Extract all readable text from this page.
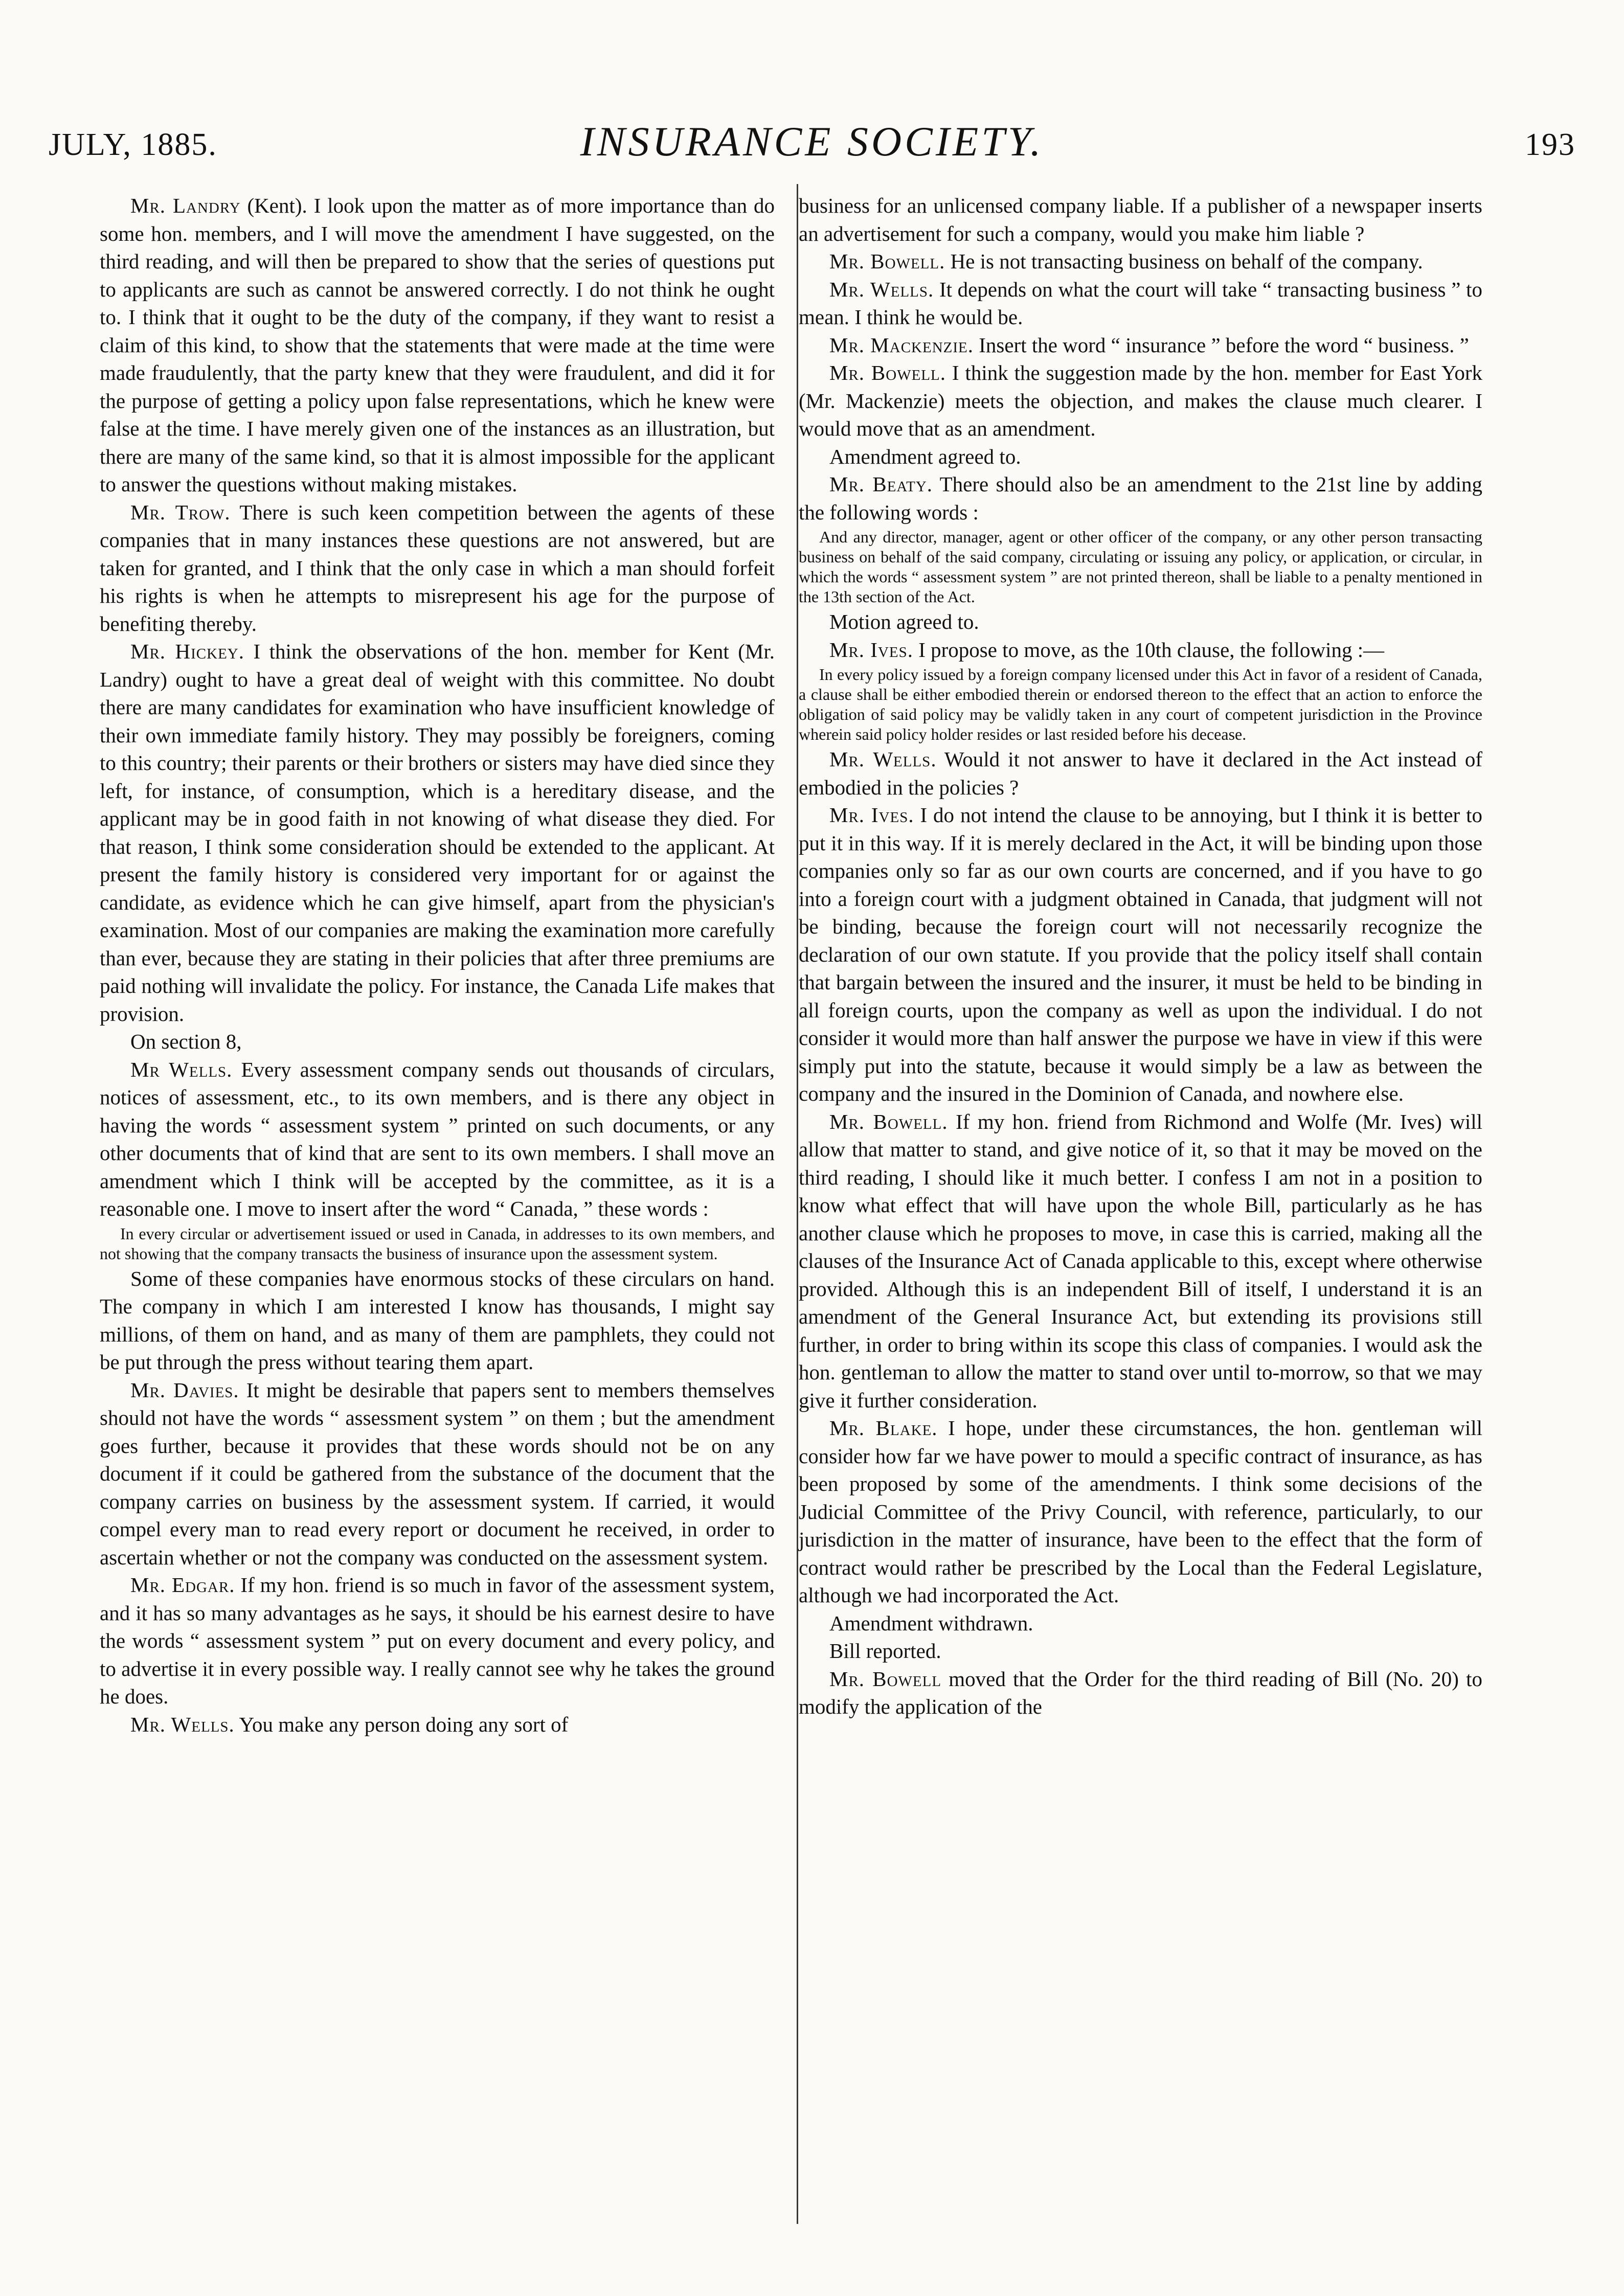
JULY, 1885.	INSURANCE SOCIETY.	193

Mr. Landry (Kent). I look upon the matter as of more importance than do some hon. members, and I will move the amendment I have suggested, on the third reading, and will then be prepared to show that the series of questions put to applicants are such as cannot be answered correctly. I do not think he ought to. I think that it ought to be the duty of the company, if they want to resist a claim of this kind, to show that the statements that were made at the time were made fraudulently, that the party knew that they were fraudulent, and did it for the purpose of getting a policy upon false representations, which he knew were false at the time. I have merely given one of the instances as an illustration, but there are many of the same kind, so that it is almost impossible for the applicant to answer the questions without making mistakes.

Mr. Trow. There is such keen competition between the agents of these companies that in many instances these questions are not answered, but are taken for granted, and I think that the only case in which a man should forfeit his rights is when he attempts to misrepresent his age for the purpose of benefiting thereby.

Mr. Hickey. I think the observations of the hon. member for Kent (Mr. Landry) ought to have a great deal of weight with this committee. No doubt there are many candidates for examination who have insufficient knowledge of their own immediate family history. They may possibly be foreigners, coming to this country; their parents or their brothers or sisters may have died since they left, for instance, of consumption, which is a hereditary disease, and the applicant may be in good faith in not knowing of what disease they died. For that reason, I think some consideration should be extended to the applicant. At present the family history is considered very important for or against the candidate, as evidence which he can give himself, apart from the physician's examination. Most of our companies are making the examination more carefully than ever, because they are stating in their policies that after three premiums are paid nothing will invalidate the policy. For instance, the Canada Life makes that provision.

On section 8,

Mr Wells. Every assessment company sends out thousands of circulars, notices of assessment, etc., to its own members, and is there any object in having the words “ assessment system ” printed on such documents, or any other documents that of kind that are sent to its own members. I shall move an amendment which I think will be accepted by the committee, as it is a reasonable one. I move to insert after the word “ Canada, ” these words :

In every circular or advertisement issued or used in Canada, in addresses to its own members, and not showing that the company transacts the business of insurance upon the assessment system.

Some of these companies have enormous stocks of these circulars on hand. The company in which I am interested I know has thousands, I might say millions, of them on hand, and as many of them are pamphlets, they could not be put through the press without tearing them apart.

Mr. Davies. It might be desirable that papers sent to members themselves should not have the words “ assessment system ” on them ; but the amendment goes further, because it provides that these words should not be on any document if it could be gathered from the substance of the document that the company carries on business by the assessment system. If carried, it would compel every man to read every report or document he received, in order to ascertain whether or not the company was conducted on the assessment system.

Mr. Edgar. If my hon. friend is so much in favor of the assessment system, and it has so many advantages as he says, it should be his earnest desire to have the words “ assessment system ” put on every document and every policy, and to advertise it in every possible way. I really cannot see why he takes the ground he does.

Mr. Wells. You make any person doing any sort of

business for an unlicensed company liable. If a publisher of a newspaper inserts an advertisement for such a company, would you make him liable ?

Mr. Bowell. He is not transacting business on behalf of the company.

Mr. Wells. It depends on what the court will take “ transacting business ” to mean. I think he would be.

Mr. Mackenzie. Insert the word “ insurance ” before the word “ business. ”

Mr. Bowell. I think the suggestion made by the hon. member for East York (Mr. Mackenzie) meets the objection, and makes the clause much clearer. I would move that as an amendment.

Amendment agreed to.

Mr. Beaty. There should also be an amendment to the 21st line by adding the following words :

And any director, manager, agent or other officer of the company, or any other person transacting business on behalf of the said company, circulating or issuing any policy, or application, or circular, in which the words “ assessment system ” are not printed thereon, shall be liable to a penalty mentioned in the 13th section of the Act.

Motion agreed to.

Mr. Ives. I propose to move, as the 10th clause, the following :—

In every policy issued by a foreign company licensed under this Act in favor of a resident of Canada, a clause shall be either embodied therein or endorsed thereon to the effect that an action to enforce the obligation of said policy may be validly taken in any court of competent jurisdiction in the Province wherein said policy holder resides or last resided before his decease.

Mr. Wells. Would it not answer to have it declared in the Act instead of embodied in the policies ?

Mr. Ives. I do not intend the clause to be annoying, but I think it is better to put it in this way. If it is merely declared in the Act, it will be binding upon those companies only so far as our own courts are concerned, and if you have to go into a foreign court with a judgment obtained in Canada, that judgment will not be binding, because the foreign court will not necessarily recognize the declaration of our own statute. If you provide that the policy itself shall contain that bargain between the insured and the insurer, it must be held to be binding in all foreign courts, upon the company as well as upon the individual. I do not consider it would more than half answer the purpose we have in view if this were simply put into the statute, because it would simply be a law as between the company and the insured in the Dominion of Canada, and nowhere else.

Mr. Bowell. If my hon. friend from Richmond and Wolfe (Mr. Ives) will allow that matter to stand, and give notice of it, so that it may be moved on the third reading, I should like it much better. I confess I am not in a position to know what effect that will have upon the whole Bill, particularly as he has another clause which he proposes to move, in case this is carried, making all the clauses of the Insurance Act of Canada applicable to this, except where otherwise provided. Although this is an independent Bill of itself, I understand it is an amendment of the General Insurance Act, but extending its provisions still further, in order to bring within its scope this class of companies. I would ask the hon. gentleman to allow the matter to stand over until to-morrow, so that we may give it further consideration.

Mr. Blake. I hope, under these circumstances, the hon. gentleman will consider how far we have power to mould a specific contract of insurance, as has been proposed by some of the amendments. I think some decisions of the Judicial Committee of the Privy Council, with reference, particularly, to our jurisdiction in the matter of insurance, have been to the effect that the form of contract would rather be prescribed by the Local than the Federal Legislature, although we had incorporated the Act.

Amendment withdrawn.

Bill reported.

Mr. Bowell moved that the Order for the third reading of Bill (No. 20) to modify the application of the
